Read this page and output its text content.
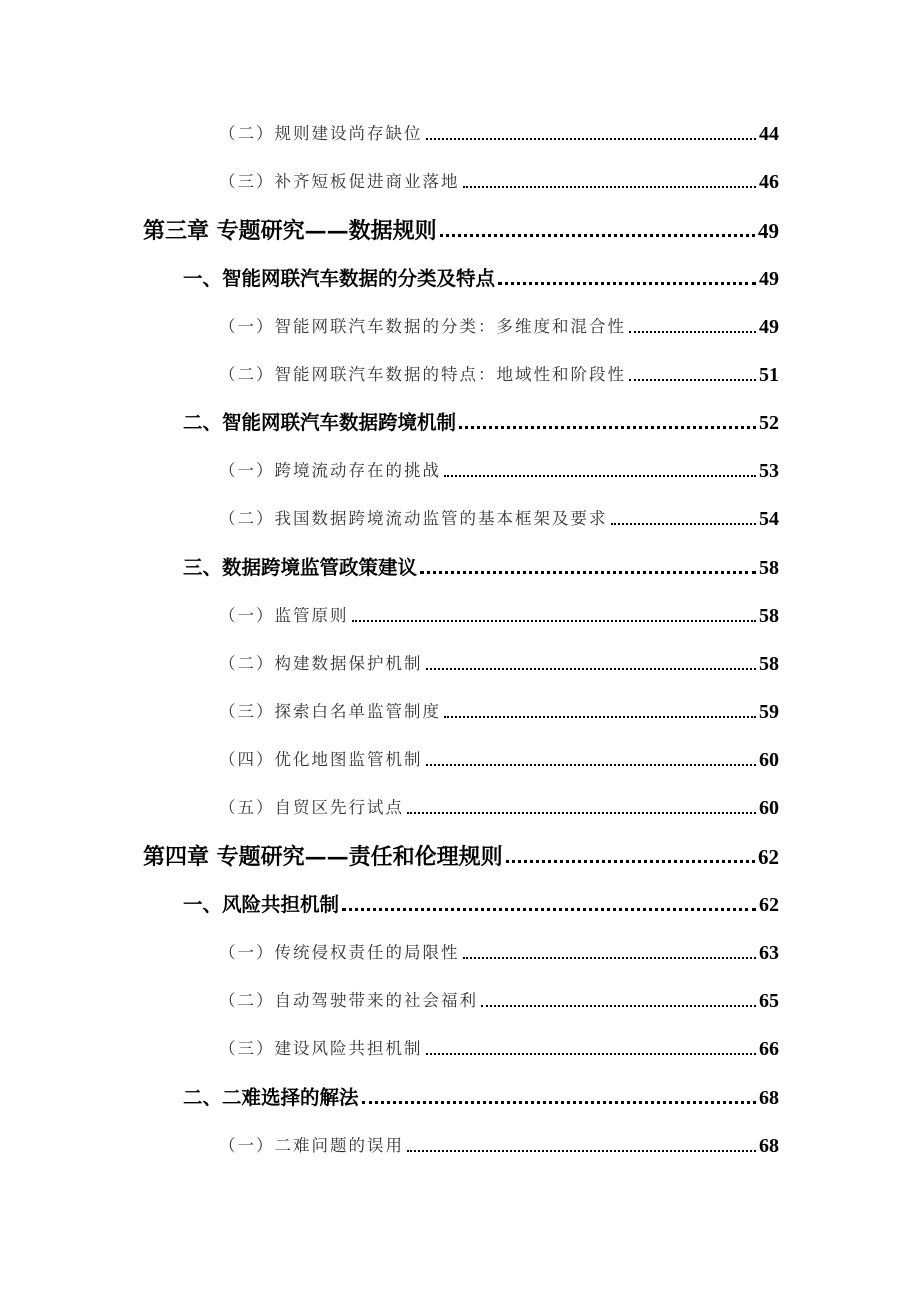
（二）规则建设尚存缺位	44
（三）补齐短板促进商业落地	46
第三章 专题研究——数据规则	49
一、智能网联汽车数据的分类及特点	49
（一）智能网联汽车数据的分类：多维度和混合性	49
（二）智能网联汽车数据的特点：地域性和阶段性	51
二、智能网联汽车数据跨境机制	52
（一）跨境流动存在的挑战	53
（二）我国数据跨境流动监管的基本框架及要求	54
三、数据跨境监管政策建议	58
（一）监管原则	58
（二）构建数据保护机制	58
（三）探索白名单监管制度	59
（四）优化地图监管机制	60
（五）自贸区先行试点	60
第四章 专题研究——责任和伦理规则	62
一、风险共担机制	62
（一）传统侵权责任的局限性	63
（二）自动驾驶带来的社会福利	65
（三）建设风险共担机制	66
二、二难选择的解法	68
（一）二难问题的误用	68
